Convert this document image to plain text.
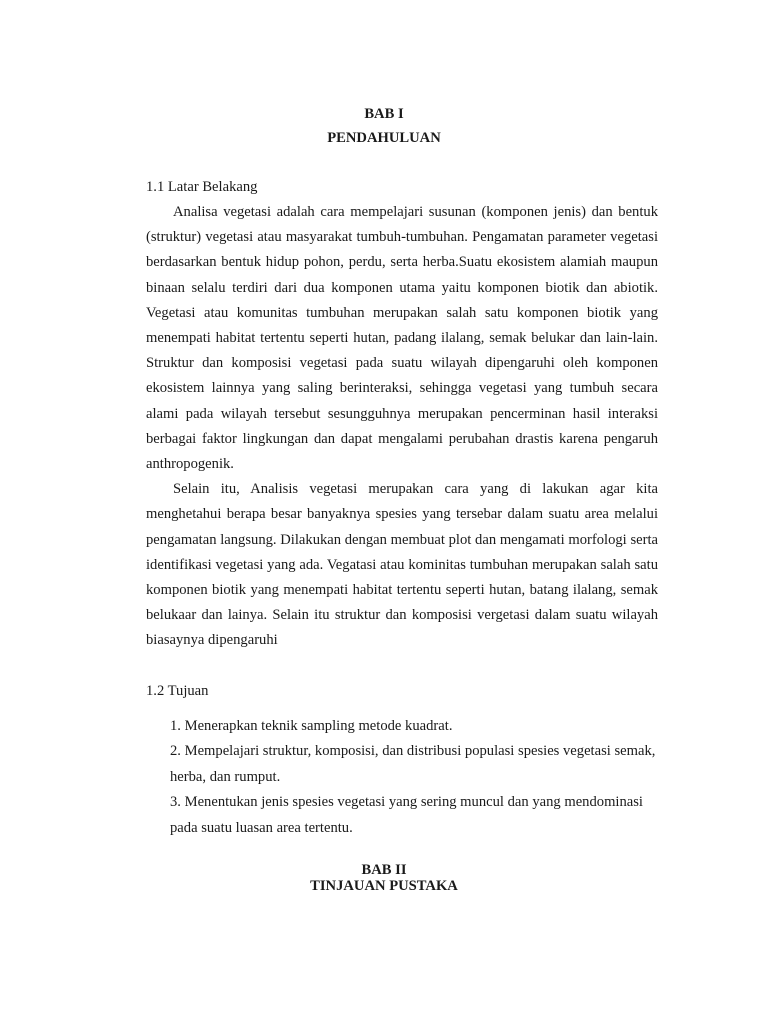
BAB I
PENDAHULUAN
1.1 Latar Belakang

Analisa vegetasi adalah cara mempelajari susunan (komponen jenis) dan bentuk (struktur) vegetasi atau masyarakat tumbuh-tumbuhan. Pengamatan parameter vegetasi berdasarkan bentuk hidup pohon, perdu, serta herba.Suatu ekosistem alamiah maupun binaan selalu terdiri dari dua komponen utama yaitu komponen biotik dan abiotik. Vegetasi atau komunitas tumbuhan merupakan salah satu komponen biotik yang menempati habitat tertentu seperti hutan, padang ilalang, semak belukar dan lain-lain. Struktur dan komposisi vegetasi pada suatu wilayah dipengaruhi oleh komponen ekosistem lainnya yang saling berinteraksi, sehingga vegetasi yang tumbuh secara alami pada wilayah tersebut sesungguhnya merupakan pencerminan hasil interaksi berbagai faktor lingkungan dan dapat mengalami perubahan drastis karena pengaruh anthropogenik.

Selain itu, Analisis vegetasi merupakan cara yang di lakukan agar kita menghetahui berapa besar banyaknya spesies yang tersebar dalam suatu area melalui pengamatan langsung. Dilakukan dengan membuat plot dan mengamati morfologi serta identifikasi vegetasi yang ada. Vegatasi atau kominitas tumbuhan merupakan salah satu komponen biotik yang menempati habitat tertentu seperti hutan, batang ilalang, semak belukaar dan lainya. Selain itu struktur dan komposisi vergetasi dalam suatu wilayah biasaynya dipengaruhi

1.2 Tujuan
1. Menerapkan teknik sampling metode kuadrat.
2. Mempelajari struktur, komposisi, dan distribusi populasi spesies vegetasi semak, herba, dan rumput.
3. Menentukan jenis spesies vegetasi yang sering muncul dan yang mendominasi pada suatu luasan area tertentu.
BAB II
TINJAUAN PUSTAKA
